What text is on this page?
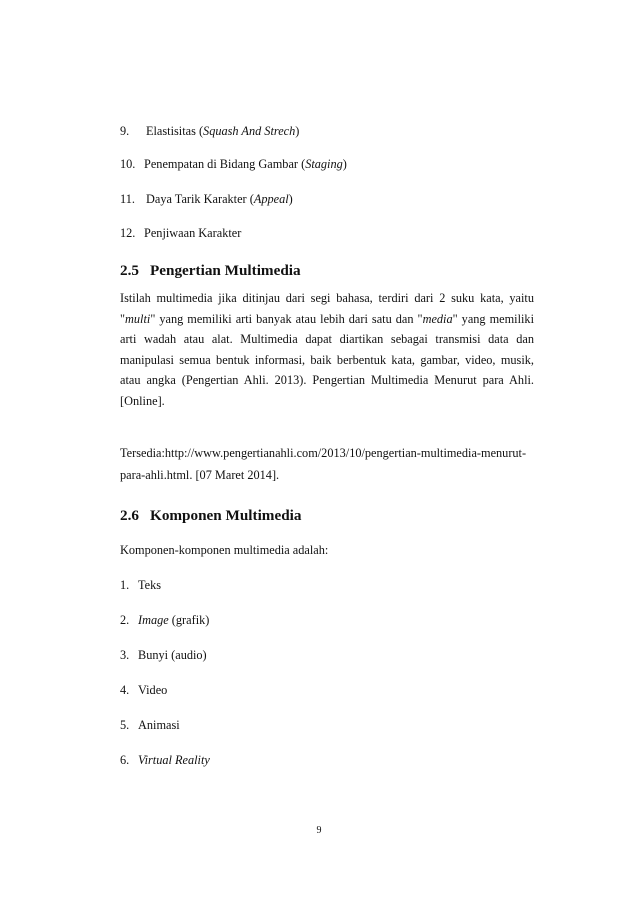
9. Elastisitas (Squash And Strech)
10. Penempatan di Bidang Gambar (Staging)
11. Daya Tarik Karakter (Appeal)
12. Penjiwaan Karakter
2.5 Pengertian Multimedia
Istilah multimedia jika ditinjau dari segi bahasa, terdiri dari 2 suku kata, yaitu
"multi" yang memiliki arti banyak atau lebih dari satu dan "media" yang memiliki
arti wadah atau alat. Multimedia dapat diartikan sebagai transmisi data dan
manipulasi semua bentuk informasi, baik berbentuk kata, gambar, video, musik,
atau angka (Pengertian Ahli. 2013). Pengertian Multimedia Menurut para Ahli.
[Online].
Tersedia:http://www.pengertianahli.com/2013/10/pengertian-multimedia-menurut-
para-ahli.html. [07 Maret 2014].
2.6 Komponen Multimedia
Komponen-komponen multimedia adalah:
1. Teks
2. Image (grafik)
3. Bunyi (audio)
4. Video
5. Animasi
6. Virtual Reality
9
